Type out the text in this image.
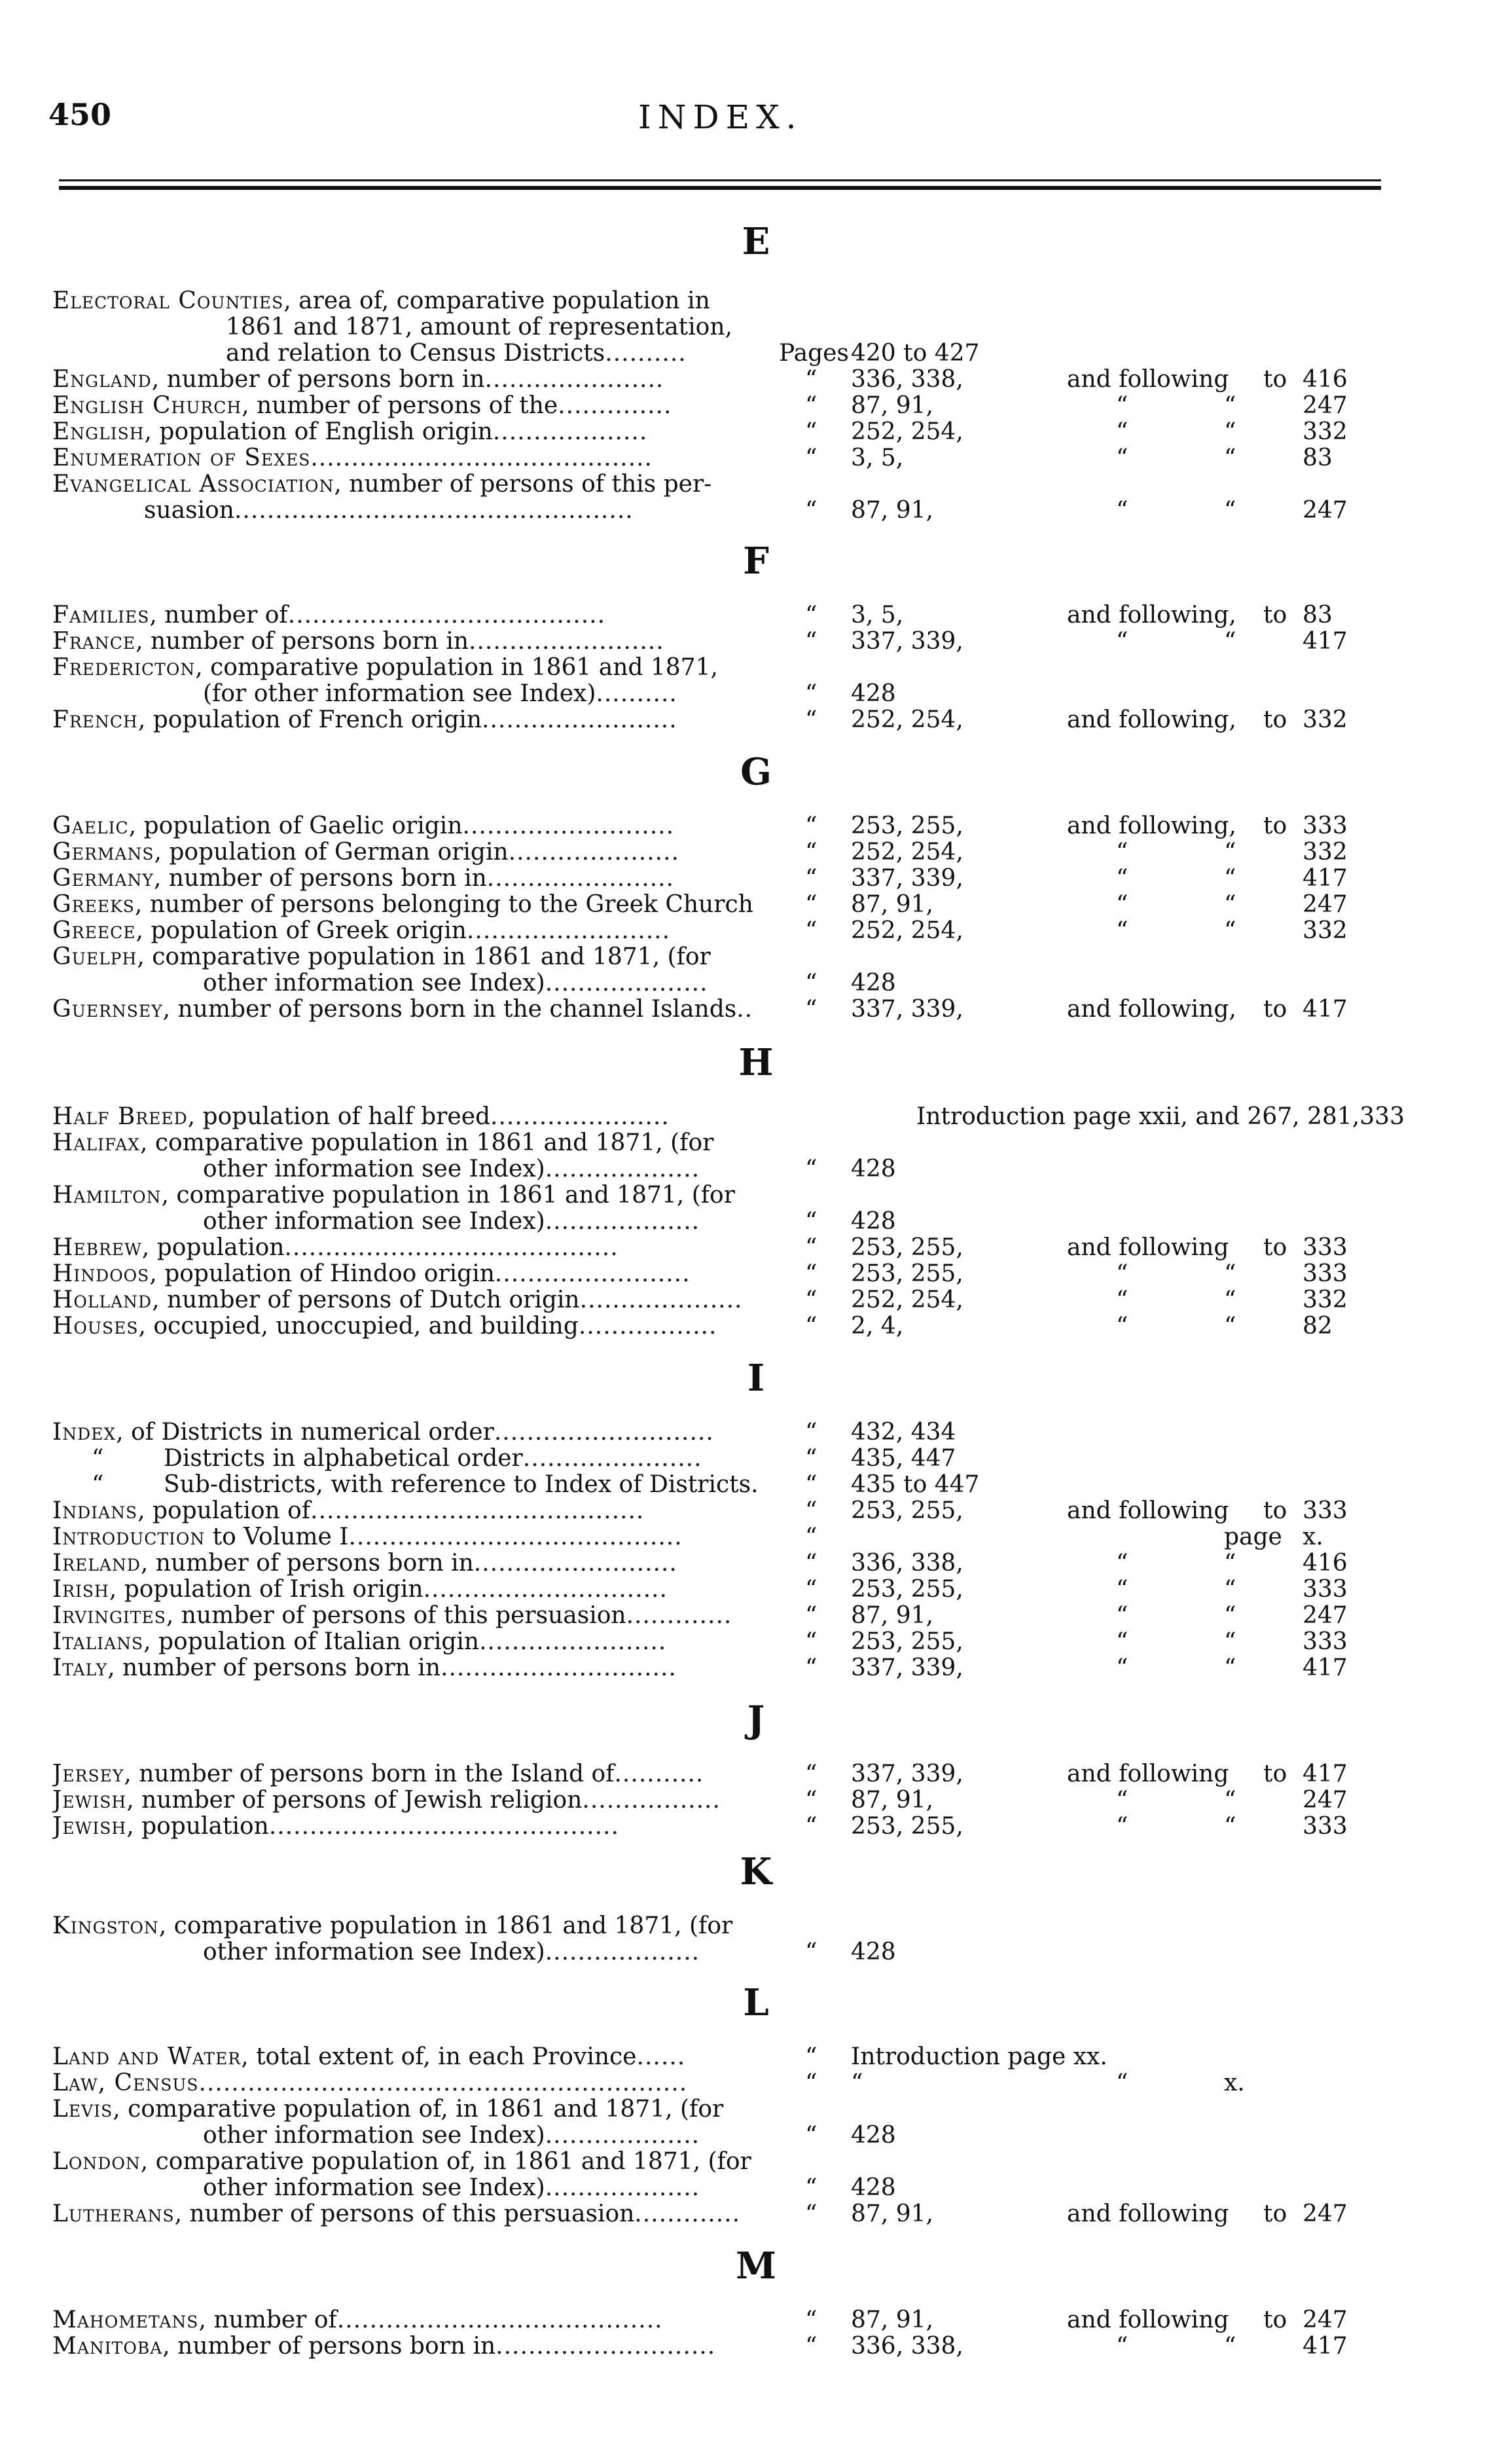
450	INDEX.
E
Electoral Counties, area of, comparative population in
1861 and 1871, amount of representation,
and relation to Census Districts..........	Pages 420 to 427
England, number of persons born in......................	“ 336, 338,	and following to 416
English Church, number of persons of the..............	“ 87, 91,	“	“	247
English, population of English origin...................	“ 252, 254,	“	“	332
Enumeration of Sexes..........................................	“ 3, 5,	“	“	83
Evangelical Association, number of persons of this per-
suasion.................................................	“ 87, 91,	“	“	247
F
Families, number of.......................................	“ 3, 5,	and following, to 83
France, number of persons born in........................	“ 337, 339,	“	“	417
Fredericton, comparative population in 1861 and 1871,
(for other information see Index)..........	“ 428
French, population of French origin........................	“ 252, 254,	and following, to 332
G
Gaelic, population of Gaelic origin..........................	“ 253, 255,	and following, to 333
Germans, population of German origin.....................	“ 252, 254,	“	“	332
Germany, number of persons born in.......................	“ 337, 339,	“	“	417
Greeks, number of persons belonging to the Greek Church	“ 87, 91,	“	“	247
Greece, population of Greek origin.........................	“ 252, 254,	“	“	332
Guelph, comparative population in 1861 and 1871, (for
other information see Index)....................	“ 428
Guernsey, number of persons born in the channel Islands..	“ 337, 339,	and following, to 417
H
Half Breed, population of half breed......................	Introduction page xxii, and 267, 281,333
Halifax, comparative population in 1861 and 1871, (for
other information see Index)...................	“ 428
Hamilton, comparative population in 1861 and 1871, (for
other information see Index)...................	“ 428
Hebrew, population.........................................	“ 253, 255,	and following to 333
Hindoos, population of Hindoo origin........................	“ 253, 255,	“	“	333
Holland, number of persons of Dutch origin....................	“ 252, 254,	“	“	332
Houses, occupied, unoccupied, and building.................	“ 2, 4,	“	“	82
I
Index, of Districts in numerical order...........................	“ 432, 434
“	Districts in alphabetical order......................	“ 435, 447
“	Sub-districts, with reference to Index of Districts.	“ 435 to 447
Indians, population of.........................................	“ 253, 255,	and following to 333
Introduction to Volume I.........................................	“	page x.
Ireland, number of persons born in.........................	“ 336, 338,	“	“	416
Irish, population of Irish origin..............................	“ 253, 255,	“	“	333
Irvingites, number of persons of this persuasion.............	“ 87, 91,	“	“	247
Italians, population of Italian origin.......................	“ 253, 255,	“	“	333
Italy, number of persons born in.............................	“ 337, 339,	“	“	417
J
Jersey, number of persons born in the Island of...........	“ 337, 339,	and following to 417
Jewish, number of persons of Jewish religion.................	“ 87, 91,	“	“	247
Jewish, population...........................................	“ 253, 255,	“	“	333
K
Kingston, comparative population in 1861 and 1871, (for
other information see Index)...................	“ 428
L
Land and Water, total extent of, in each Province......	“ Introduction page xx.
Law, Census............................................................	“ “	“	x.
Levis, comparative population of, in 1861 and 1871, (for
other information see Index)...................	“ 428
London, comparative population of, in 1861 and 1871, (for
other information see Index)...................	“ 428
Lutherans, number of persons of this persuasion.............	“ 87, 91,	and following to 247
M
Mahometans, number of........................................	“ 87, 91,	and following to 247
Manitoba, number of persons born in...........................	“ 336, 338,	“	“	417
